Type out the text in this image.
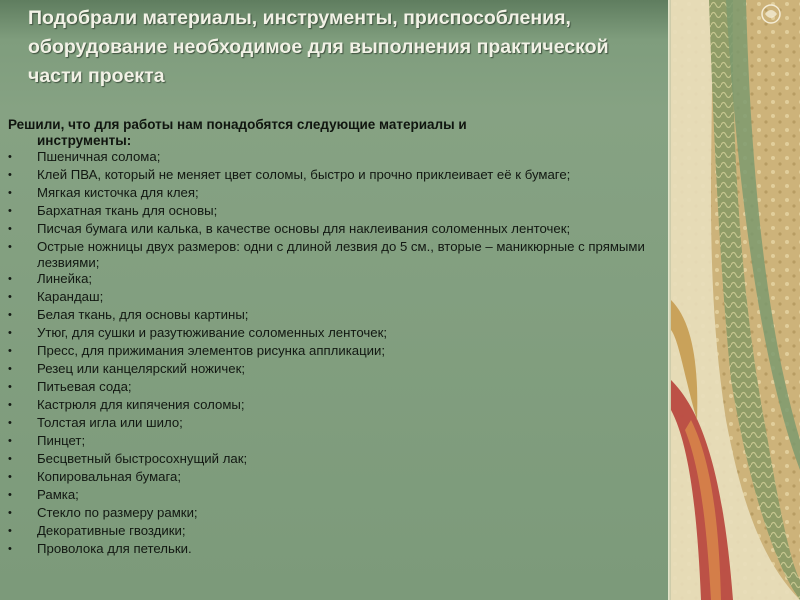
Подобрали материалы, инструменты, приспособления, оборудование необходимое для выполнения практической части проекта

Решили, что для работы нам понадобятся следующие материалы и
инструменты:

•	Пшеничная солома;
•	Клей ПВА, который не меняет цвет соломы, быстро и прочно приклеивает её к бумаге;
•	Мягкая кисточка для клея;
•	Бархатная ткань для основы;
•	Писчая бумага или калька, в качестве основы для наклеивания соломенных ленточек;
•	Острые ножницы двух размеров: одни с длиной лезвия до 5 см., вторые – маникюрные с прямыми лезвиями;
•	Линейка;
•	Карандаш;
•	Белая ткань, для основы картины;
•	Утюг, для сушки и разутюживание соломенных ленточек;
•	Пресс, для прижимания элементов рисунка аппликации;
•	Резец или канцелярский ножичек;
•	Питьевая сода;
•	Кастрюля для кипячения соломы;
•	Толстая игла или шило;
•	Пинцет;
•	Бесцветный быстросохнущий лак;
•	Копировальная бумага;
•	Рамка;
•	Стекло по размеру рамки;
•	Декоративные гвоздики;
•	Проволока для петельки.
